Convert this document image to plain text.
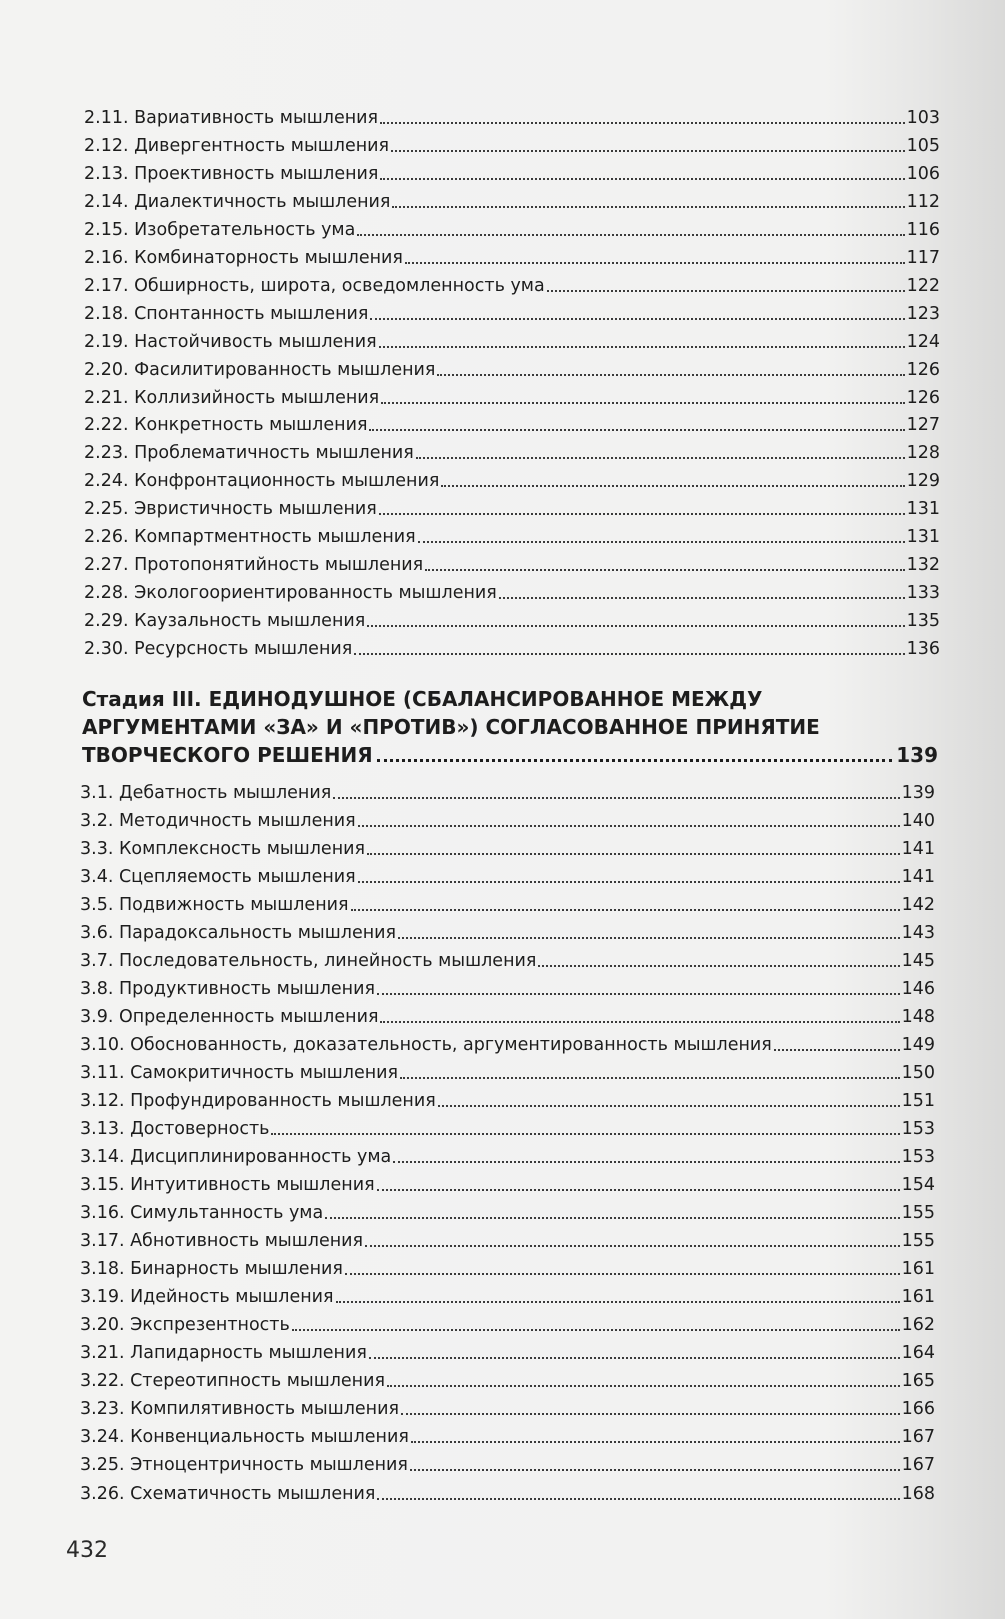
2.11. Вариативность мышления	103
2.12. Дивергентность мышления	105
2.13. Проективность мышления	106
2.14. Диалектичность мышления	112
2.15. Изобретательность ума	116
2.16. Комбинаторность мышления	117
2.17. Обширность, широта, осведомленность ума	122
2.18. Спонтанность мышления	123
2.19. Настойчивость мышления	124
2.20. Фасилитированность мышления	126
2.21. Коллизийность мышления	126
2.22. Конкретность мышления	127
2.23. Проблематичность мышления	128
2.24. Конфронтационность мышления	129
2.25. Эвристичность мышления	131
2.26. Компартментность мышления	131
2.27. Протопонятийность мышления	132
2.28. Экологоориентированность мышления	133
2.29. Каузальность мышления	135
2.30. Ресурсность мышления	136
Стадия III. ЕДИНОДУШНОЕ (СБАЛАНСИРОВАННОЕ МЕЖДУ
АРГУМЕНТАМИ «ЗА» И «ПРОТИВ») СОГЛАСОВАННОЕ ПРИНЯТИЕ
ТВОРЧЕСКОГО РЕШЕНИЯ	139
3.1. Дебатность мышления	139
3.2. Методичность мышления	140
3.3. Комплексность мышления	141
3.4. Сцепляемость мышления	141
3.5. Подвижность мышления	142
3.6. Парадоксальность мышления	143
3.7. Последовательность, линейность мышления	145
3.8. Продуктивность мышления	146
3.9. Определенность мышления	148
3.10. Обоснованность, доказательность, аргументированность мышления	149
3.11. Самокритичность мышления	150
3.12. Профундированность мышления	151
3.13. Достоверность	153
3.14. Дисциплинированность ума	153
3.15. Интуитивность мышления	154
3.16. Симультанность ума	155
3.17. Абнотивность мышления	155
3.18. Бинарность мышления	161
3.19. Идейность мышления	161
3.20. Экспрезентность	162
3.21. Лапидарность мышления	164
3.22. Стереотипность мышления	165
3.23. Компилятивность мышления	166
3.24. Конвенциальность мышления	167
3.25. Этноцентричность мышления	167
3.26. Схематичность мышления	168
432
